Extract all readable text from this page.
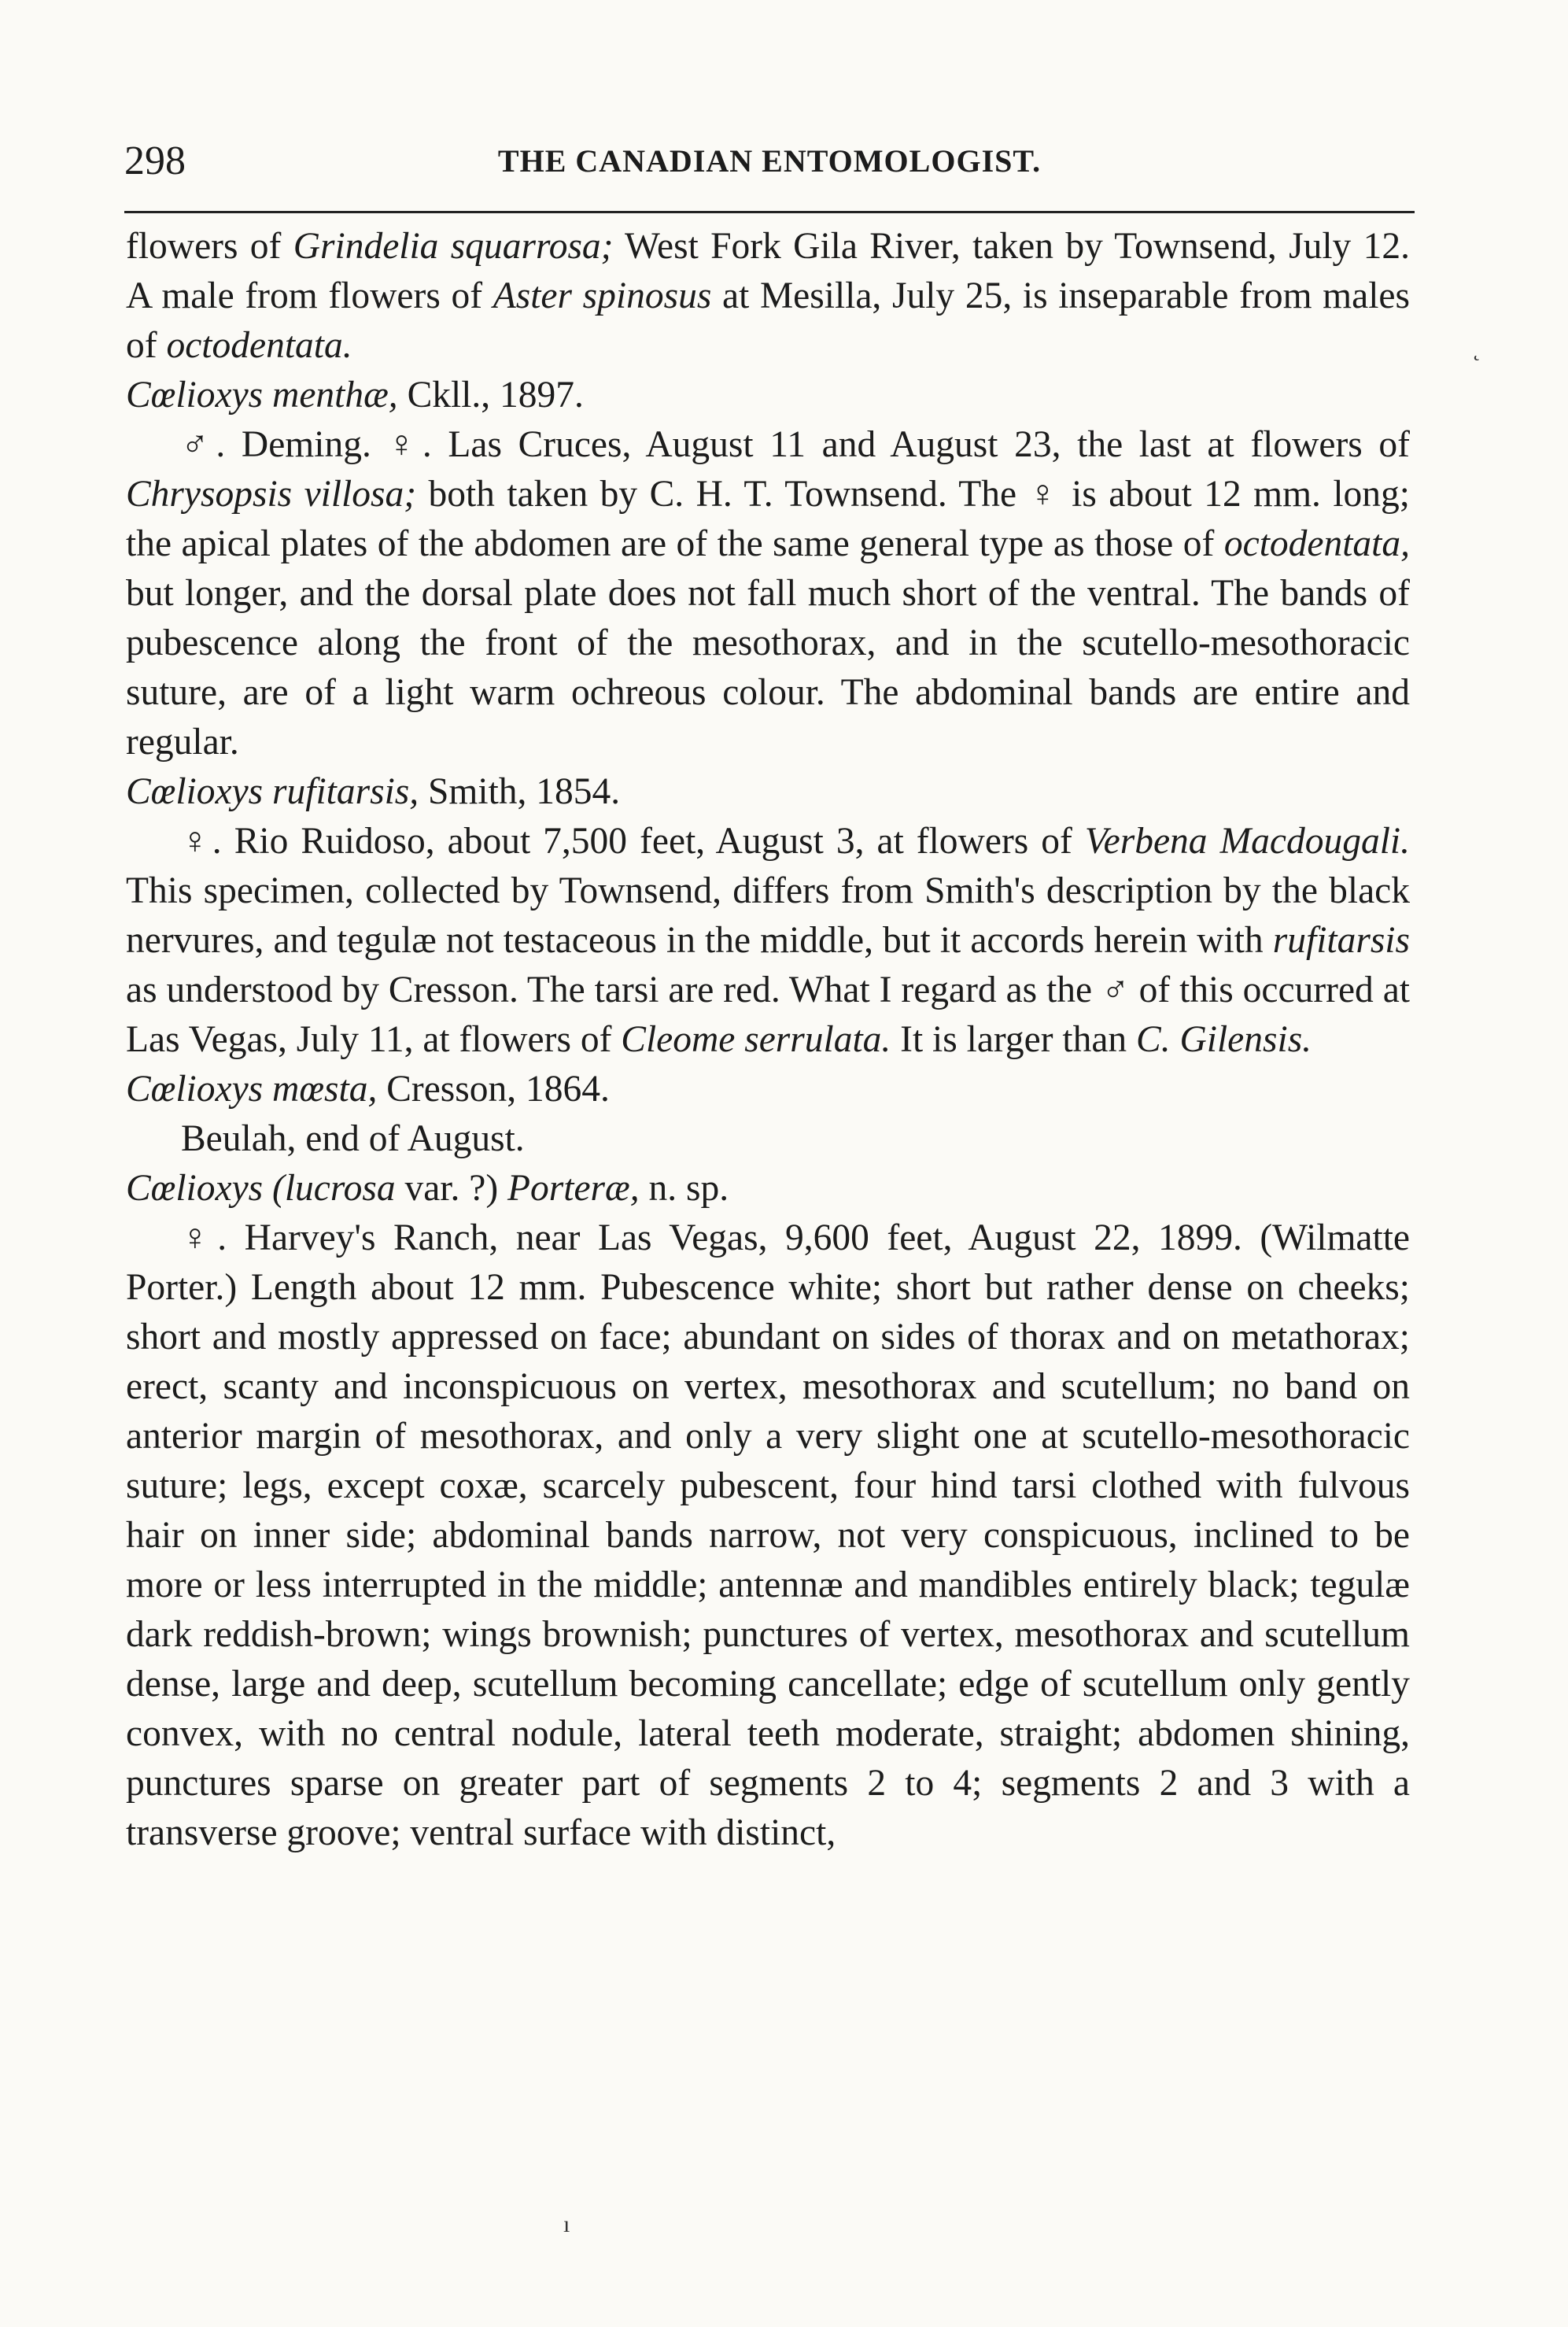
298	THE CANADIAN ENTOMOLOGIST.

flowers of Grindelia squarrosa; West Fork Gila River, taken by Townsend, July 12. A male from flowers of Aster spinosus at Mesilla, July 25, is inseparable from males of octodentata.

Cœlioxys menthæ, Ckll., 1897.

♂. Deming. ♀. Las Cruces, August 11 and August 23, the last at flowers of Chrysopsis villosa; both taken by C. H. T. Townsend. The ♀ is about 12 mm. long; the apical plates of the abdomen are of the same general type as those of octodentata, but longer, and the dorsal plate does not fall much short of the ventral. The bands of pubescence along the front of the mesothorax, and in the scutello-mesothoracic suture, are of a light warm ochreous colour. The abdominal bands are entire and regular.

Cœlioxys rufitarsis, Smith, 1854.

♀. Rio Ruidoso, about 7,500 feet, August 3, at flowers of Verbena Macdougali. This specimen, collected by Townsend, differs from Smith's description by the black nervures, and tegulæ not testaceous in the middle, but it accords herein with rufitarsis as understood by Cresson. The tarsi are red. What I regard as the ♂ of this occurred at Las Vegas, July 11, at flowers of Cleome serrulata. It is larger than C. Gilensis.

Cœlioxys mœsta, Cresson, 1864.

Beulah, end of August.

Cœlioxys (lucrosa var. ?) Porteræ, n. sp.

♀. Harvey's Ranch, near Las Vegas, 9,600 feet, August 22, 1899. (Wilmatte Porter.) Length about 12 mm. Pubescence white; short but rather dense on cheeks; short and mostly appressed on face; abundant on sides of thorax and on metathorax; erect, scanty and inconspicuous on vertex, mesothorax and scutellum; no band on anterior margin of mesothorax, and only a very slight one at scutello-mesothoracic suture; legs, except coxæ, scarcely pubescent, four hind tarsi clothed with fulvous hair on inner side; abdominal bands narrow, not very conspicuous, inclined to be more or less interrupted in the middle; antennæ and mandibles entirely black; tegulæ dark reddish-brown; wings brownish; punctures of vertex, mesothorax and scutellum dense, large and deep, scutellum becoming cancellate; edge of scutellum only gently convex, with no central nodule, lateral teeth moderate, straight; abdomen shining, punctures sparse on greater part of segments 2 to 4; segments 2 and 3 with a transverse groove; ventral surface with distinct,

˛
ı
